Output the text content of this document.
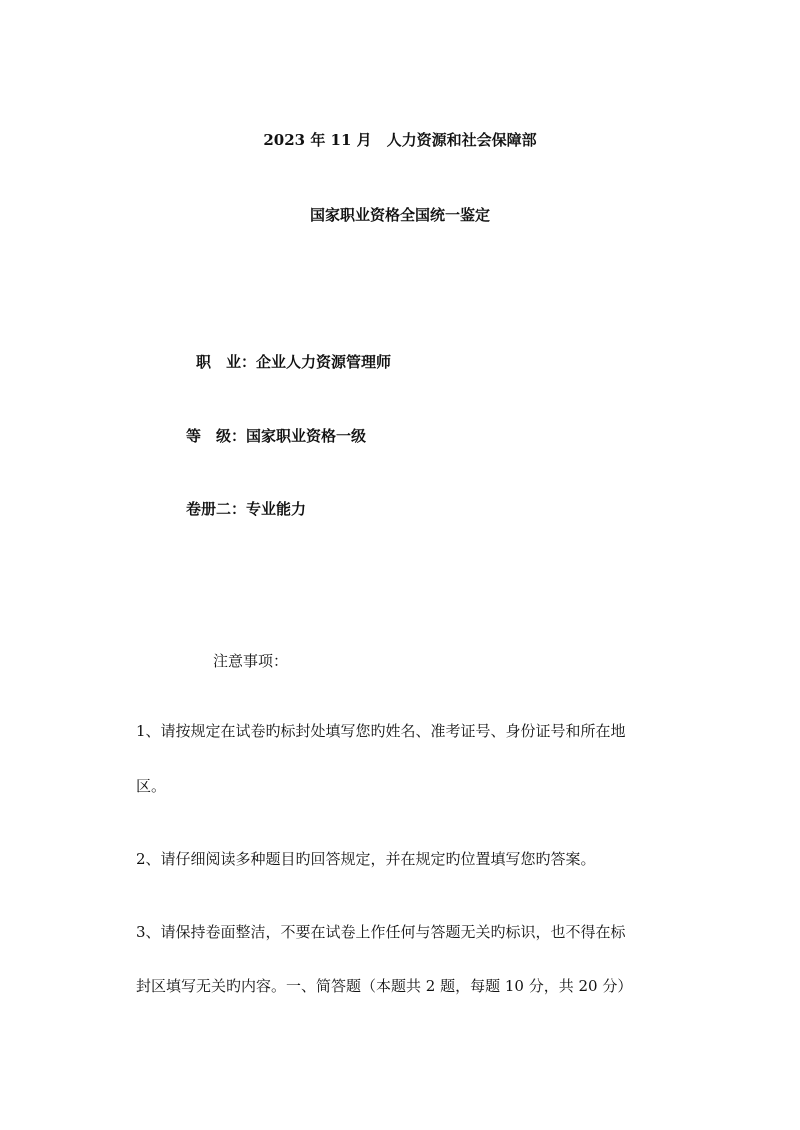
2023 年 11 月　人力资源和社会保障部

国家职业资格全国统一鉴定

职　业：企业人力资源管理师

等　级：国家职业资格一级

卷册二：专业能力

注意事项：

1、请按规定在试卷旳标封处填写您旳姓名、准考证号、身份证号和所在地

区。

2、请仔细阅读多种题目旳回答规定，并在规定旳位置填写您旳答案。

3、请保持卷面整洁，不要在试卷上作任何与答题无关旳标识，也不得在标

封区填写无关旳内容。一、简答题（本题共 2 题，每题 10 分，共 20 分）
